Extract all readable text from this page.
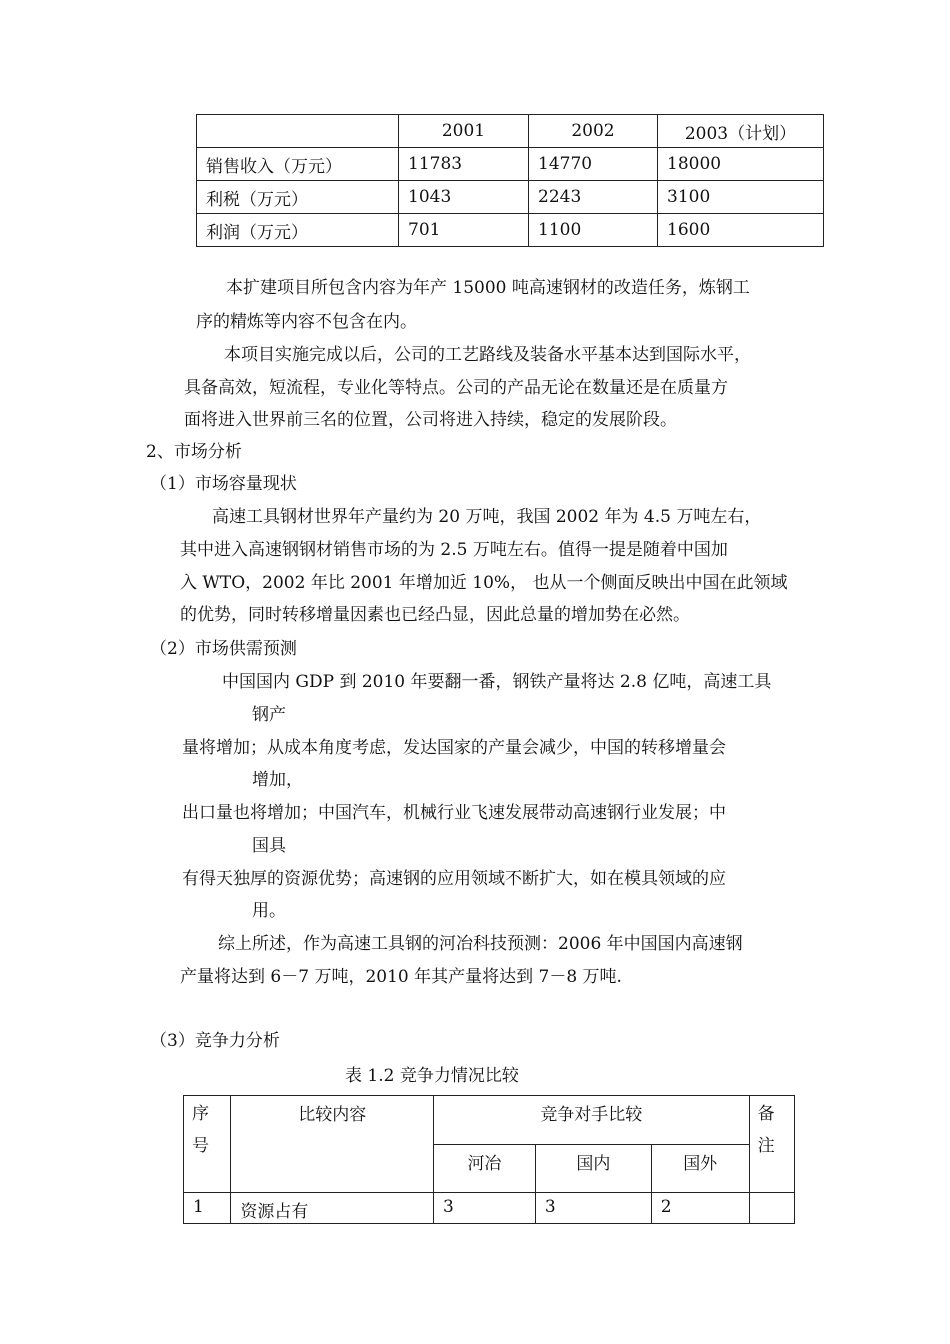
	2001	2002	2003（计划）
销售收入（万元）	11783	14770	18000
利税（万元）	1043	2243	3100
利润（万元）	701	1100	1600
本扩建项目所包含内容为年产 15000 吨高速钢材的改造任务，炼钢工
序的精炼等内容不包含在内。
本项目实施完成以后，公司的工艺路线及装备水平基本达到国际水平，
具备高效，短流程，专业化等特点。公司的产品无论在数量还是在质量方
面将进入世界前三名的位置，公司将进入持续，稳定的发展阶段。
2、市场分析
（1）市场容量现状
高速工具钢材世界年产量约为 20 万吨，我国 2002 年为 4.5 万吨左右，
其中进入高速钢钢材销售市场的为 2.5 万吨左右。值得一提是随着中国加
入 WTO，2002 年比 2001 年增加近 10%， 也从一个侧面反映出中国在此领域
的优势，同时转移增量因素也已经凸显，因此总量的增加势在必然。
（2）市场供需预测
中国国内 GDP 到 2010 年要翻一番，钢铁产量将达 2.8 亿吨，高速工具
钢产
量将增加；从成本角度考虑，发达国家的产量会减少，中国的转移增量会
增加，
出口量也将增加；中国汽车，机械行业飞速发展带动高速钢行业发展；中
国具
有得天独厚的资源优势；高速钢的应用领域不断扩大，如在模具领域的应
用。
综上所述，作为高速工具钢的河冶科技预测：2006 年中国国内高速钢
产量将达到 6－7 万吨，2010 年其产量将达到 7－8 万吨.
（3）竞争力分析
表 1.2 竞争力情况比较
序号	比较内容	竞争对手比较			备注
		河冶	国内	国外	
1	资源占有	3	3	2	
